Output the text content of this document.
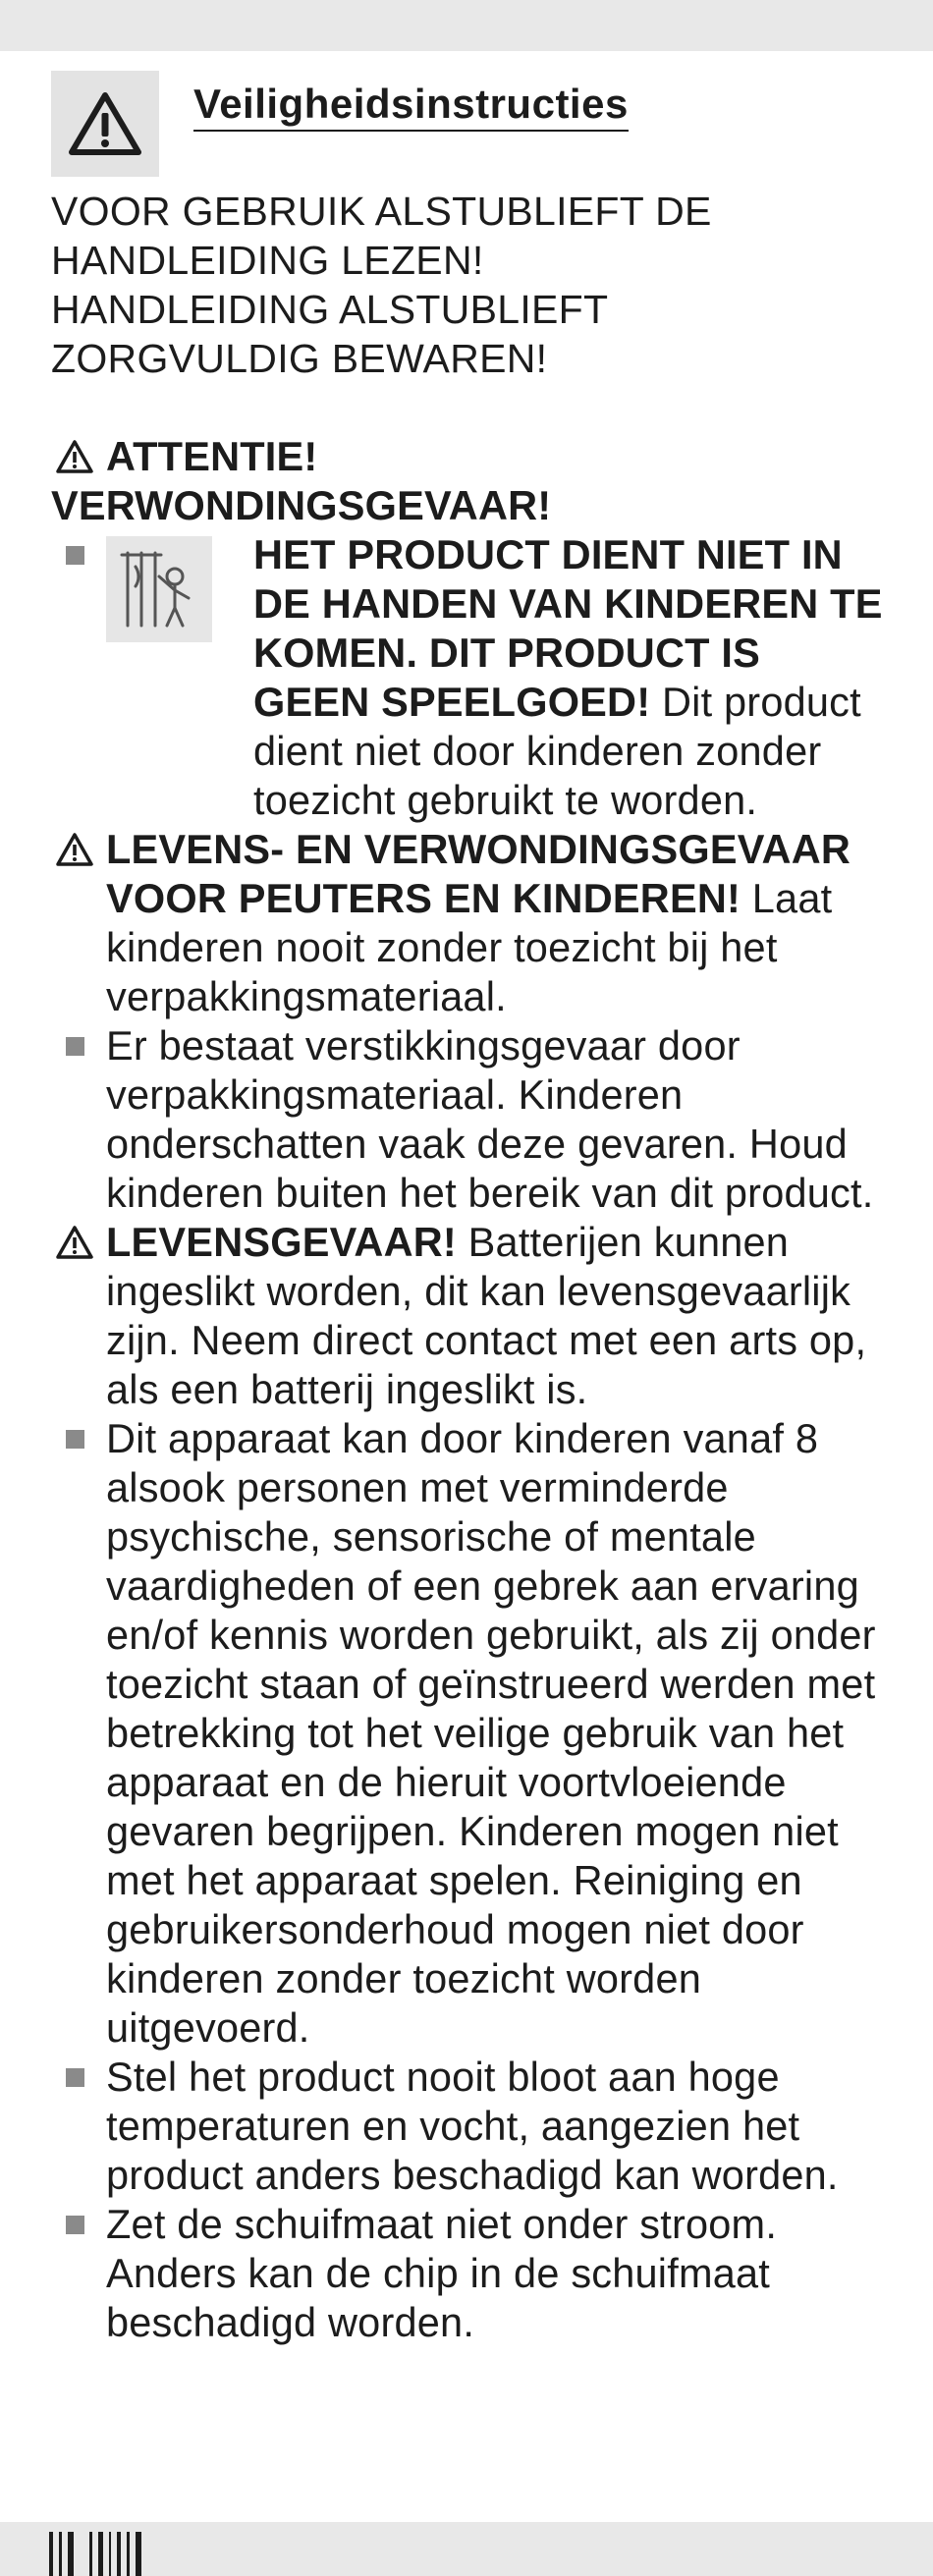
Veiligheidsinstructies
VOOR GEBRUIK ALSTUBLIEFT DE
HANDLEIDING LEZEN!
HANDLEIDING ALSTUBLIEFT
ZORGVULDIG BEWAREN!
ATTENTIE!
VERWONDINGSGEVAAR!
HET PRODUCT DIENT NIET IN DE HANDEN VAN KINDEREN TE KOMEN. DIT PRODUCT IS GEEN SPEELGOED! Dit product dient niet door kinderen zonder toezicht gebruikt te worden.
LEVENS- EN VERWONDINGSGEVAAR VOOR PEUTERS EN KINDEREN! Laat kinderen nooit zonder toezicht bij het verpakkingsmateriaal.
Er bestaat verstikkingsgevaar door verpakkingsmateriaal. Kinderen onderschatten vaak deze gevaren. Houd kinderen buiten het bereik van dit product.
LEVENSGEVAAR! Batterijen kunnen ingeslikt worden, dit kan levensgevaarlijk zijn. Neem direct contact met een arts op, als een batterij ingeslikt is.
Dit apparaat kan door kinderen vanaf 8 alsook personen met verminderde psychische, sensorische of mentale vaardigheden of een gebrek aan ervaring en/of kennis worden gebruikt, als zij onder toezicht staan of geïnstrueerd werden met betrekking tot het veilige gebruik van het apparaat en de hieruit voortvloeiende gevaren begrijpen. Kinderen mogen niet met het apparaat spelen. Reiniging en gebruikersonderhoud mogen niet door kinderen zonder toezicht worden uitgevoerd.
Stel het product nooit bloot aan hoge temperaturen en vocht, aangezien het product anders beschadigd kan worden.
Zet de schuifmaat niet onder stroom. Anders kan de chip in de schuifmaat beschadigd worden.
